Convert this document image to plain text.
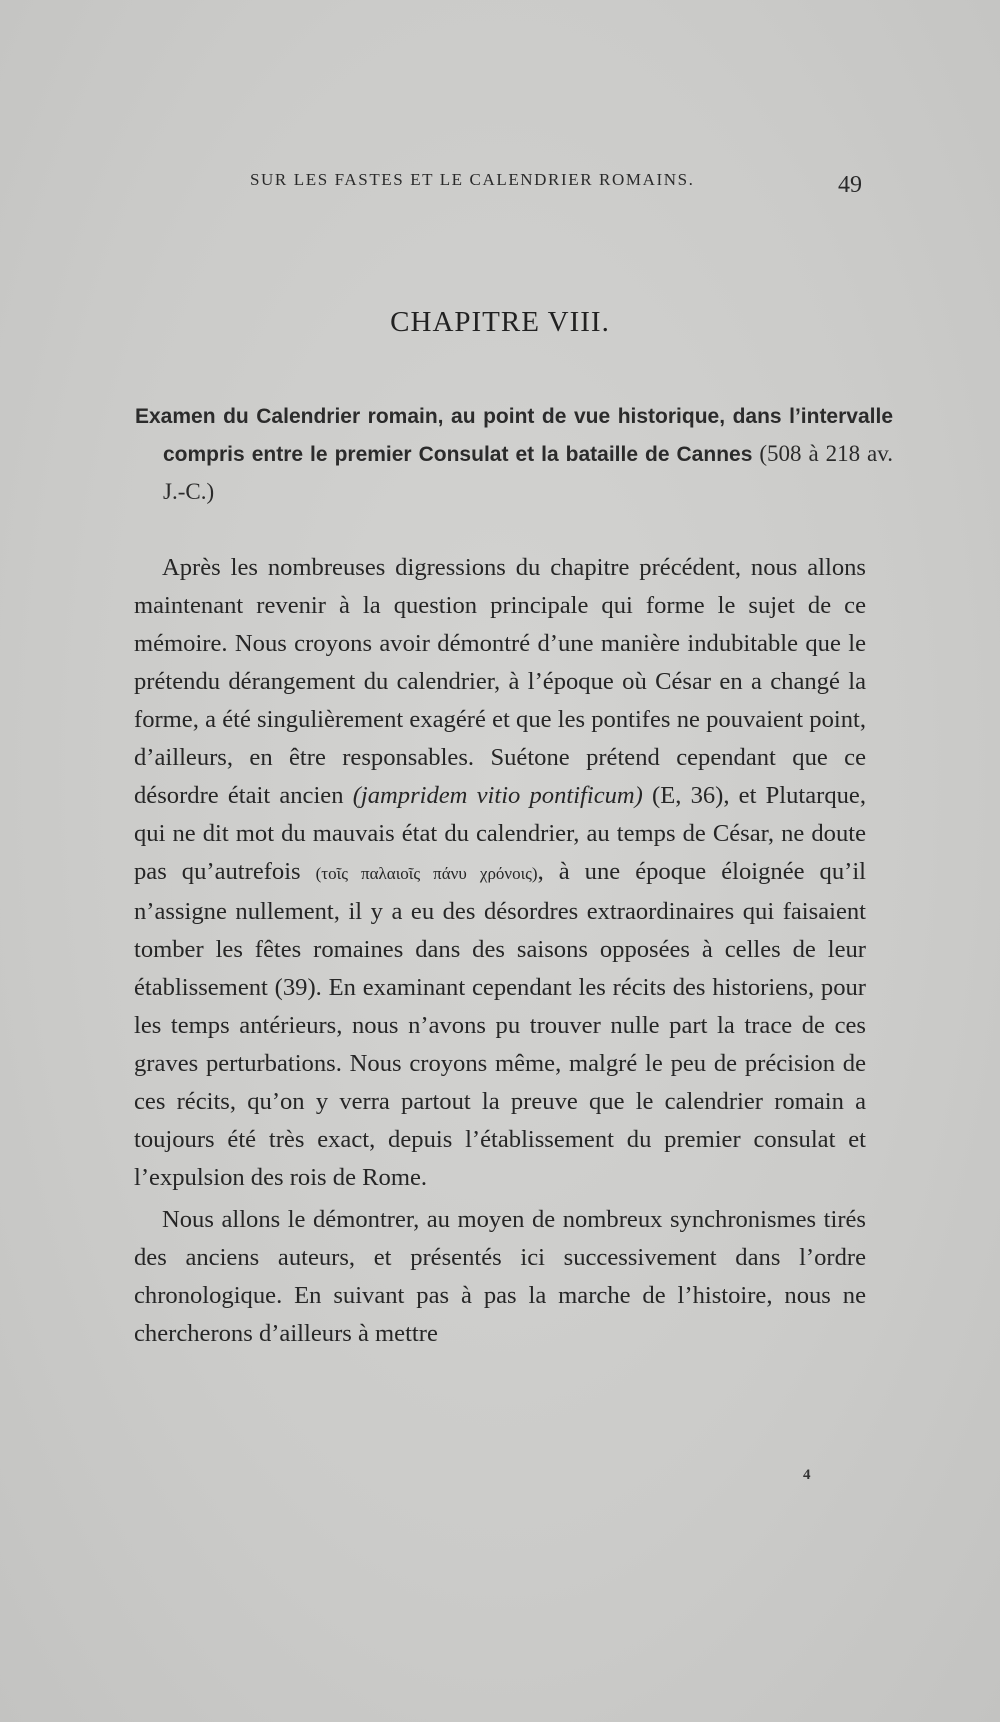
SUR LES FASTES ET LE CALENDRIER ROMAINS.	49
CHAPITRE VIII.
Examen du Calendrier romain, au point de vue historique, dans l’intervalle compris entre le premier Consulat et la bataille de Cannes (508 à 218 av. J.-C.)

Après les nombreuses digressions du chapitre précédent, nous allons maintenant revenir à la question principale qui forme le sujet de ce mémoire. Nous croyons avoir démontré d’une manière indubitable que le prétendu dérangement du calendrier, à l’époque où César en a changé la forme, a été singulièrement exagéré et que les pontifes ne pouvaient point, d’ailleurs, en être responsables. Suétone prétend cependant que ce désordre était ancien (jampridem vitio pontificum) (E, 36), et Plutarque, qui ne dit mot du mauvais état du calendrier, au temps de César, ne doute pas qu’autrefois (τοῖς παλαιοῖς πάνυ χρόνοις), à une époque éloignée qu’il n’assigne nullement, il y a eu des désordres extraordinaires qui faisaient tomber les fêtes romaines dans des saisons opposées à celles de leur établissement (39). En examinant cependant les récits des historiens, pour les temps antérieurs, nous n’avons pu trouver nulle part la trace de ces graves perturbations. Nous croyons même, malgré le peu de précision de ces récits, qu’on y verra partout la preuve que le calendrier romain a toujours été très exact, depuis l’établissement du premier consulat et l’expulsion des rois de Rome.

Nous allons le démontrer, au moyen de nombreux synchronismes tirés des anciens auteurs, et présentés ici successivement dans l’ordre chronologique. En suivant pas à pas la marche de l’histoire, nous ne chercherons d’ailleurs à mettre

4
